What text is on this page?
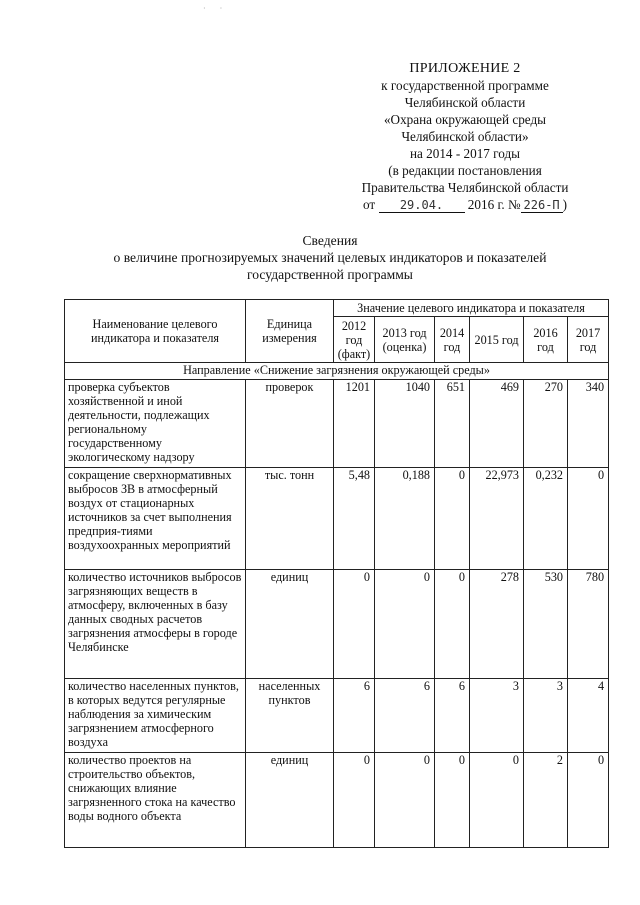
· ·
ПРИЛОЖЕНИЕ 2
к государственной программе
Челябинской области
«Охрана окружающей среды
Челябинской области»
на 2014 - 2017 годы
(в редакции постановления
Правительства Челябинской области
от 29.04. 2016 г. № 226-П )
Сведения
о величине прогнозируемых значений целевых индикаторов и показателей
государственной программы
Наименование целевого индикатора и показателя	Единица измерения	Значение целевого индикатора и показателя					
		2012 год (факт)	2013 год (оценка)	2014 год	2015 год	2016 год	2017 год
Направление «Снижение загрязнения окружающей среды»							
проверка субъектов хозяйственной и иной деятельности, подлежащих региональному государственному экологическому надзору	проверок	1201	1040	651	469	270	340
сокращение сверхнормативных выбросов ЗВ в атмосферный воздух от стационарных источников за счет выполнения предприя-тиями воздухоохранных мероприятий	тыс. тонн	5,48	0,188	0	22,973	0,232	0
количество источников выбросов загрязняющих веществ в атмосферу, включенных в базу данных сводных расчетов загрязнения атмосферы в городе Челябинске	единиц	0	0	0	278	530	780
количество населенных пунктов, в которых ведутся регулярные наблюдения за химическим загрязнением атмосферного воздуха	населенных пунктов	6	6	6	3	3	4
количество проектов на строительство объектов, снижающих влияние загрязненного стока на качество воды водного объекта	единиц	0	0	0	0	2	0
